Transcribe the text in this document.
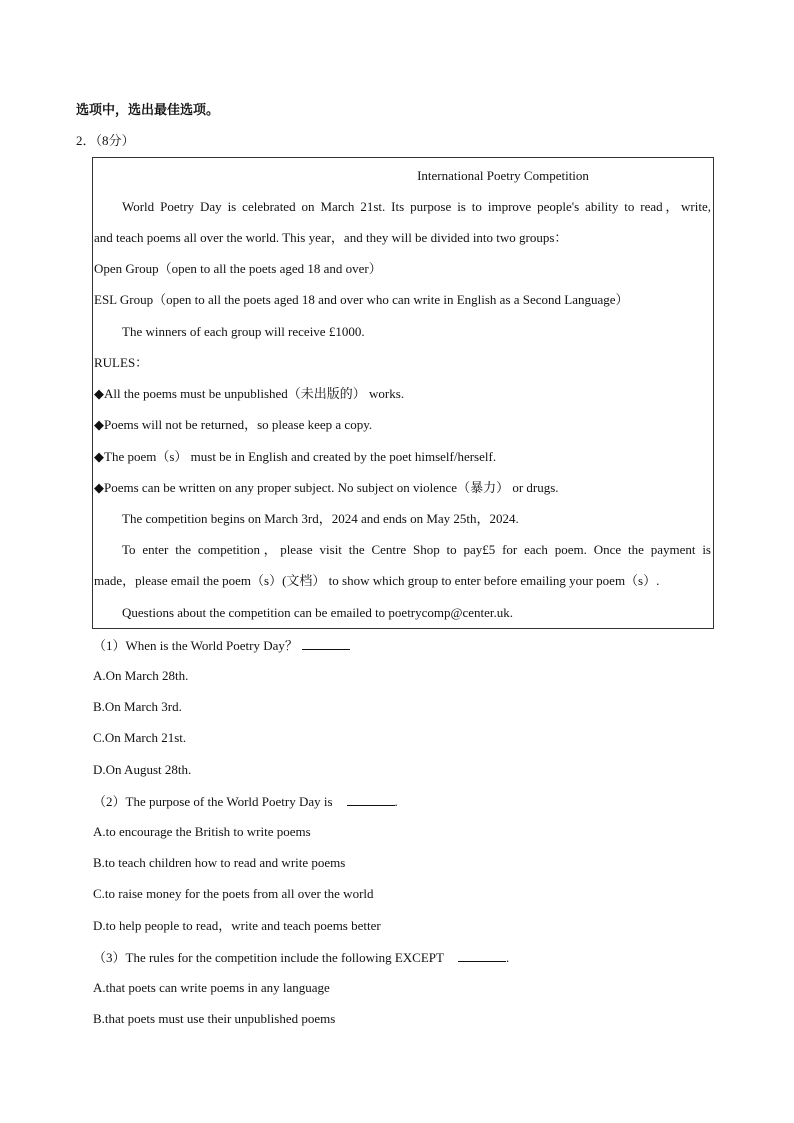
选项中，选出最佳选项。
2．（8分）
International Poetry Competition
World Poetry Day is celebrated on March 21st. Its purpose is to improve people's ability to read，write,
and teach poems all over the world. This year，and they will be divided into two groups：
Open Group（open to all the poets aged 18 and over）
ESL Group（open to all the poets aged 18 and over who can write in English as a Second Language）
The winners of each group will receive £1000.
RULES：
◆All the poems must be unpublished（未出版的） works.
◆Poems will not be returned，so please keep a copy.
◆The poem（s） must be in English and created by the poet himself/herself.
◆Poems can be written on any proper subject. No subject on violence（暴力） or drugs.
The competition begins on March 3rd，2024 and ends on May 25th，2024.
To enter the competition，please visit the Centre Shop to pay£5 for each poem. Once the payment is
made，please email the poem（s）(文档） to show which group to enter before emailing your poem（s）.
Questions about the competition can be emailed to poetrycomp@center.uk.
（1）When is the World Poetry Day？
A.On March 28th.
B.On March 3rd.
C.On March 21st.
D.On August 28th.
（2）The purpose of the World Poetry Day is	.
A.to encourage the British to write poems
B.to teach children how to read and write poems
C.to raise money for the poets from all over the world
D.to help people to read，write and teach poems better
（3）The rules for the competition include the following EXCEPT	.
A.that poets can write poems in any language
B.that poets must use their unpublished poems
